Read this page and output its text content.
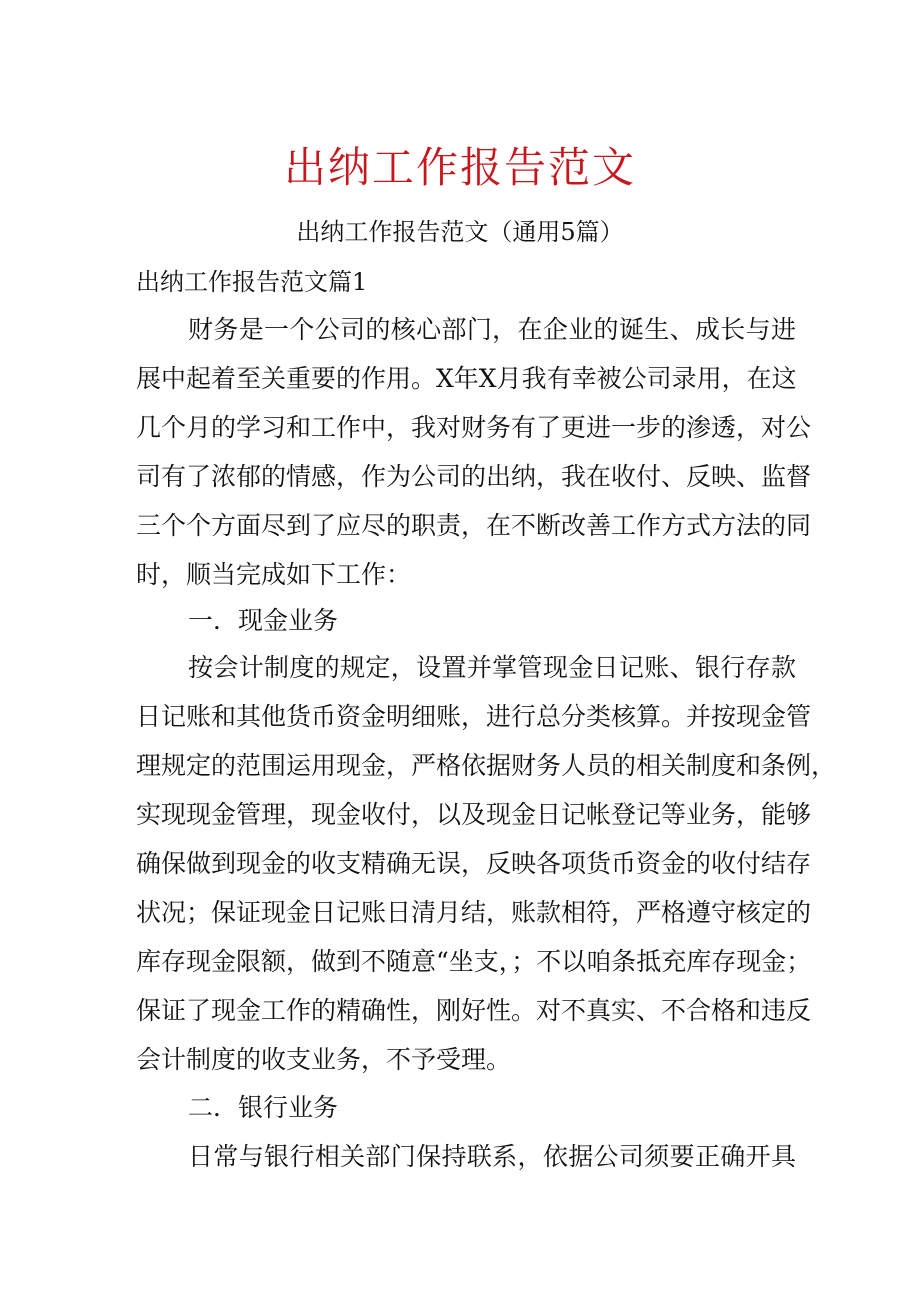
出纳工作报告范文

出纳工作报告范文（通用5篇）

出纳工作报告范文篇1

财务是一个公司的核心部门，在企业的诞生、成长与进

展中起着至关重要的作用。X年X月我有幸被公司录用，在这

几个月的学习和工作中，我对财务有了更进一步的渗透，对公

司有了浓郁的情感，作为公司的出纳，我在收付、反映、监督

三个个方面尽到了应尽的职责，在不断改善工作方式方法的同

时，顺当完成如下工作：

一．现金业务

按会计制度的规定，设置并掌管现金日记账、银行存款

日记账和其他货币资金明细账，进行总分类核算。并按现金管

理规定的范围运用现金，严格依据财务人员的相关制度和条例，

实现现金管理，现金收付，以及现金日记帐登记等业务，能够

确保做到现金的收支精确无误，反映各项货币资金的收付结存

状况；保证现金日记账日清月结，账款相符，严格遵守核定的

库存现金限额，做到不随意“坐支，；不以咱条抵充库存现金；

保证了现金工作的精确性，刚好性。对不真实、不合格和违反

会计制度的收支业务，不予受理。

二．银行业务

日常与银行相关部门保持联系，依据公司须要正确开具
